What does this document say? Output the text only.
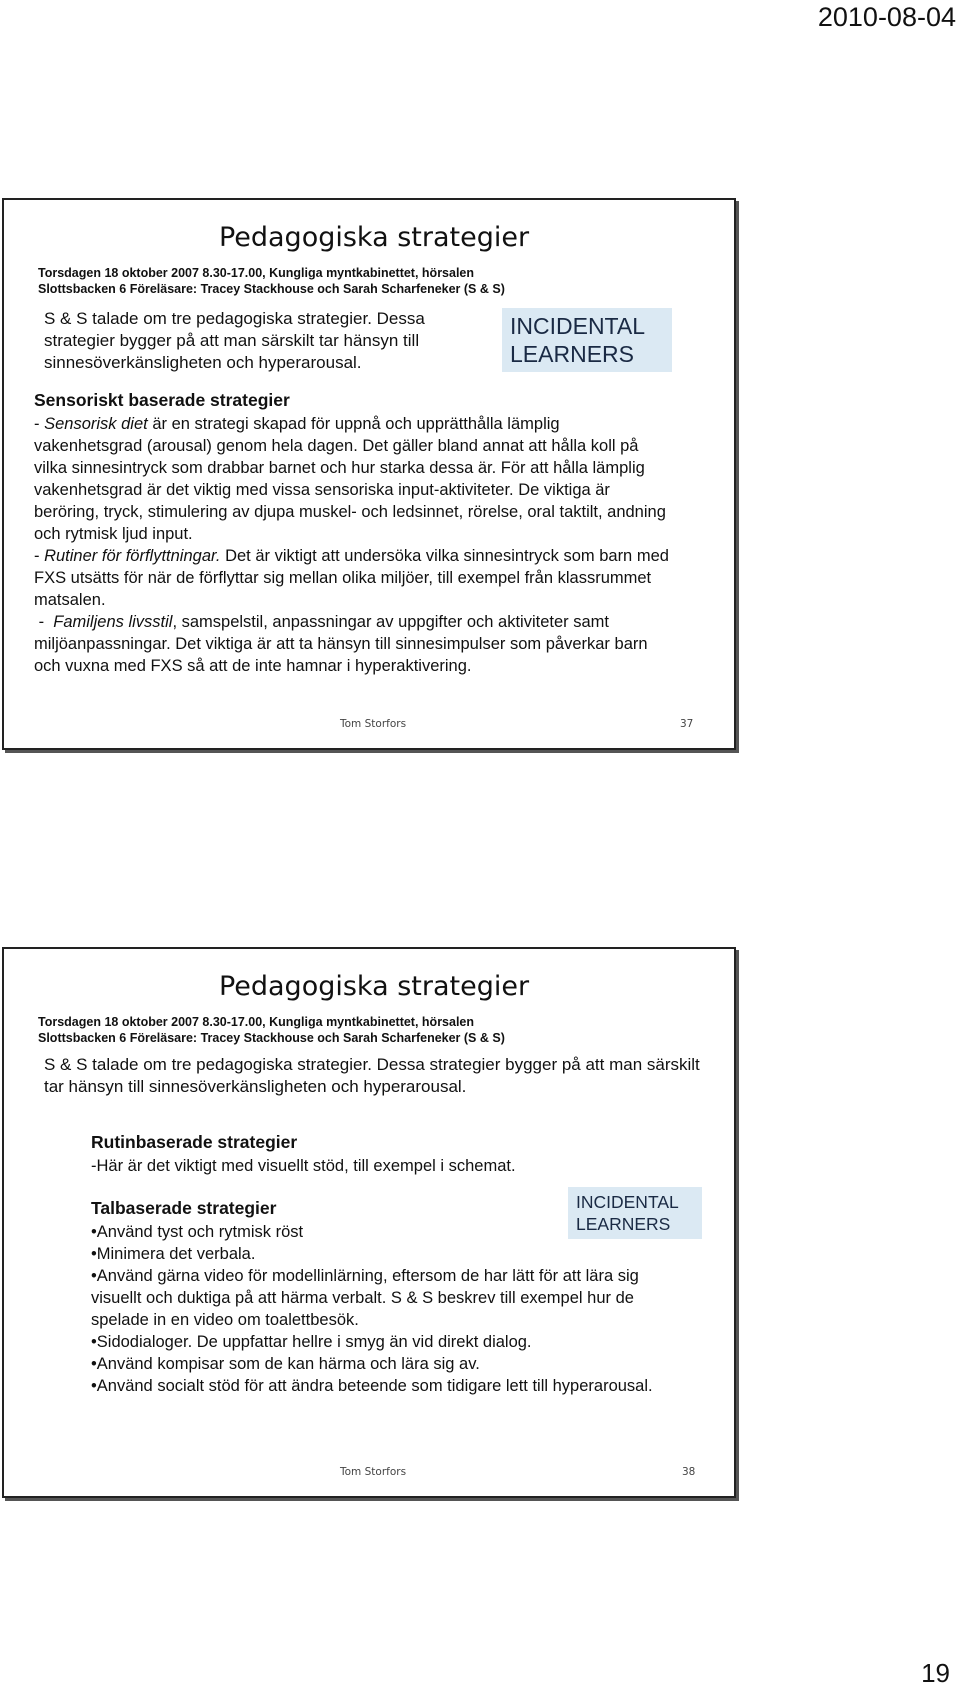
2010-08-04
Pedagogiska strategier
Torsdagen 18 oktober 2007 8.30-17.00, Kungliga myntkabinettet, hörsalen
Slottsbacken 6 Föreläsare: Tracey Stackhouse och Sarah Scharfeneker (S & S)
S & S talade om tre pedagogiska strategier. Dessa strategier bygger på att man särskilt tar hänsyn till sinnesöverkänsligheten och hyperarousal.
INCIDENTAL
LEARNERS
Sensoriskt baserade strategier

- Sensorisk diet är en strategi skapad för uppnå och upprätthålla lämplig vakenhetsgrad (arousal) genom hela dagen. Det gäller bland annat att hålla koll på vilka sinnesintryck som drabbar barnet och hur starka dessa är. För att hålla lämplig vakenhetsgrad är det viktig med vissa sensoriska input-aktiviteter. De viktiga är beröring, tryck, stimulering av djupa muskel- och ledsinnet, rörelse, oral taktilt, andning och rytmisk ljud input.

- Rutiner för förflyttningar. Det är viktigt att undersöka vilka sinnesintryck som barn med FXS utsätts för när de förflyttar sig mellan olika miljöer, till exempel från klassrummet matsalen.

-  Familjens livsstil, samspelstil, anpassningar av uppgifter och aktiviteter samt miljöanpassningar. Det viktiga är att ta hänsyn till sinnesimpulser som påverkar barn och vuxna med FXS så att de inte hamnar i hyperaktivering.

Tom Storfors	37
Pedagogiska strategier
Torsdagen 18 oktober 2007 8.30-17.00, Kungliga myntkabinettet, hörsalen
Slottsbacken 6 Föreläsare: Tracey Stackhouse och Sarah Scharfeneker (S & S)
S & S talade om tre pedagogiska strategier. Dessa strategier bygger på att man särskilt tar hänsyn till sinnesöverkänsligheten och hyperarousal.
Rutinbaserade strategier
-Här är det viktigt med visuellt stöd, till exempel i schemat.
Talbaserade strategier	INCIDENTAL
LEARNERS
•Använd tyst och rytmisk röst
•Minimera det verbala.
•Använd gärna video för modellinlärning, eftersom de har lätt för att lära sig visuellt och duktiga på att härma verbalt. S & S beskrev till exempel hur de spelade in en video om toalettbesök.
•Sidodialoger. De uppfattar hellre i smyg än vid direkt dialog.
•Använd kompisar som de kan härma och lära sig av.
•Använd socialt stöd för att ändra beteende som tidigare lett till hyperarousal.
Tom Storfors	38
19
